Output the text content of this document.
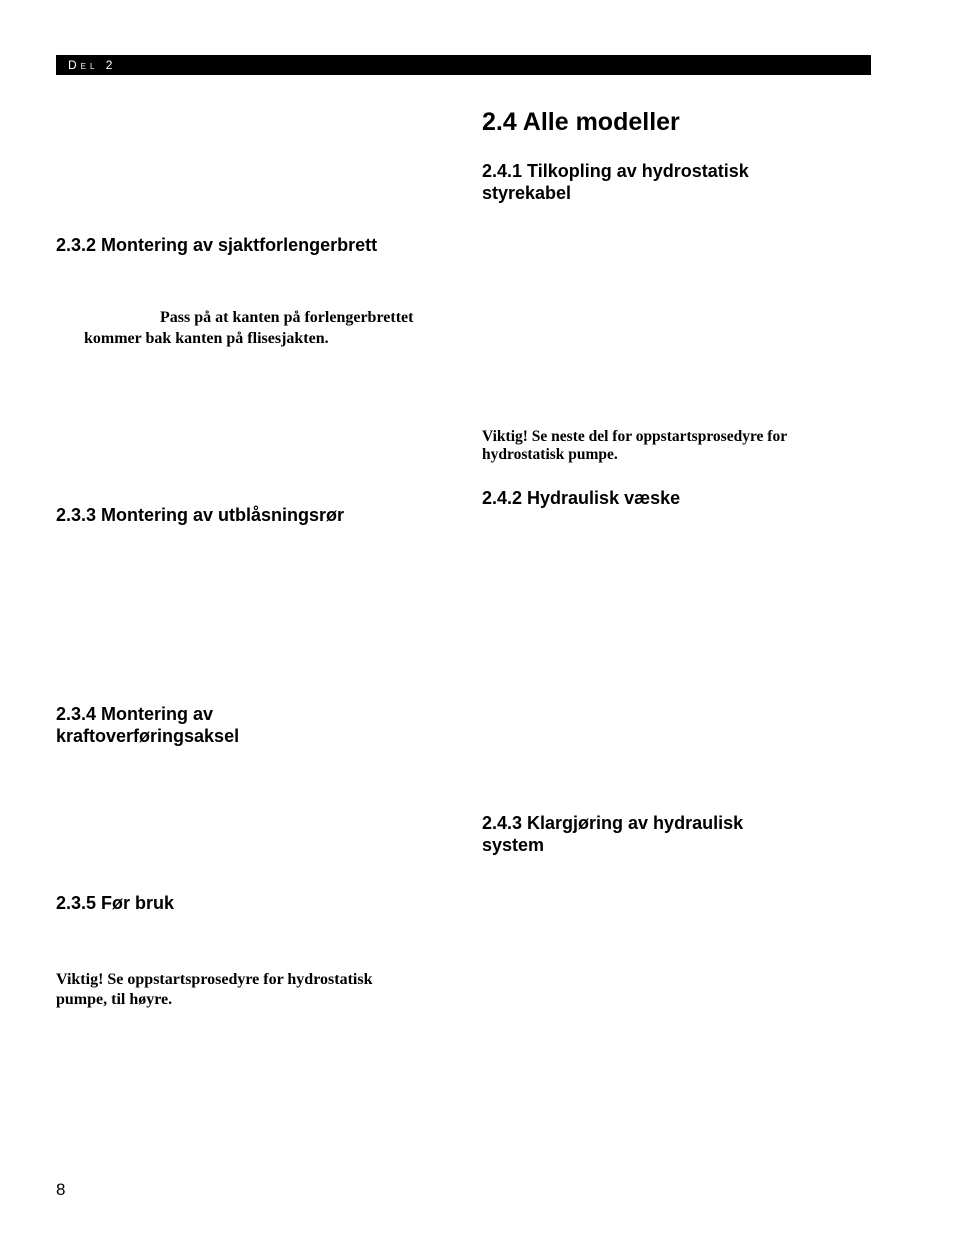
Del 2
2.3.2 Montering av sjaktforlengerbrett

Pass på at kanten på forlengerbrettet

kommer bak kanten på flisesjakten.

2.3.3 Montering av utblåsningsrør
2.3.4 Montering av
kraftoverføringsaksel
2.3.5 Før bruk

Viktig! Se oppstartsprosedyre for hydrostatisk

pumpe, til høyre.

2.4 Alle modeller
2.4.1 Tilkopling av hydrostatisk
styrekabel

Viktig! Se neste del for oppstartsprosedyre for

hydrostatisk pumpe.

2.4.2 Hydraulisk væske
2.4.3 Klargjøring av hydraulisk
system
8
